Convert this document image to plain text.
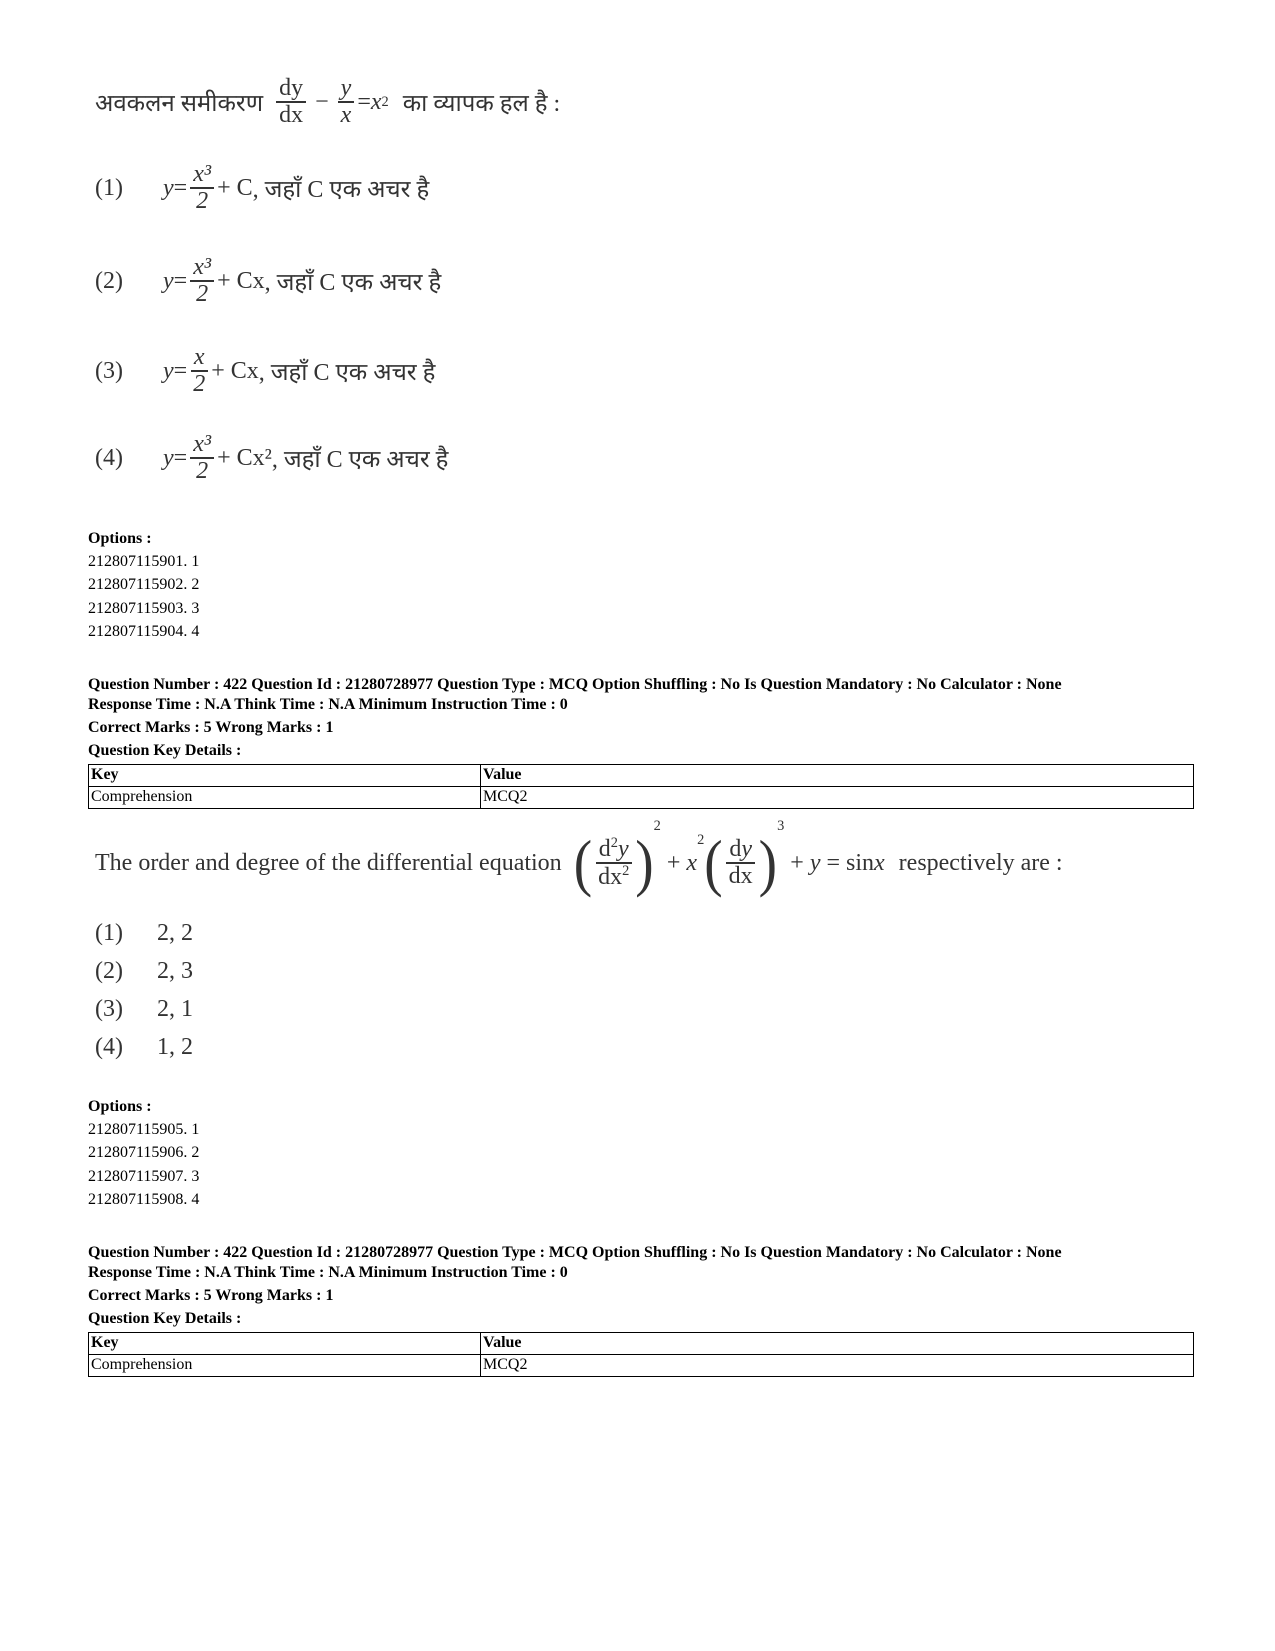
अवकलन समीकरण $\frac{dy}{dx} - \frac{y}{x} = x$ 2 का व्यापक हल है :
(1)	$y = \frac{\text{x³}}{2} + C$ , जहाँ C एक अचर है
(2)	$y = \frac{\text{x³}}{2} + Cx$ , जहाँ C एक अचर है
(3)	$y = \frac{x}{2} + Cx$ , जहाँ C एक अचर है
(4)	$y = \frac{\text{x³}}{2} + Cx^2$ , जहाँ C एक अचर है
Options :
212807115901. 1
212807115902. 2
212807115903. 3
212807115904. 4
Question Number : 422 Question Id : 21280728977 Question Type : MCQ Option Shuffling : No Is Question Mandatory : No Calculator : None
Response Time : N.A Think Time : N.A Minimum Instruction Time : 0
Correct Marks : 5 Wrong Marks : 1
Question Key Details :
Key	Value
Comprehension	MCQ2
The order and degree of the differential equation ( $\frac{d^2y}{dx^2}$ )
$^2$
+ x
2 ( $\frac{dy}{dx}$ )
$^3$
+ y = sinx respectively are :
(1)	2, 2
(2)	2, 3
(3)	2, 1
(4)	1, 2
Options :
212807115905. 1
212807115906. 2
212807115907. 3
212807115908. 4
Question Number : 422 Question Id : 21280728977 Question Type : MCQ Option Shuffling : No Is Question Mandatory : No Calculator : None
Response Time : N.A Think Time : N.A Minimum Instruction Time : 0
Correct Marks : 5 Wrong Marks : 1
Question Key Details :
Key	Value
Comprehension	MCQ2
